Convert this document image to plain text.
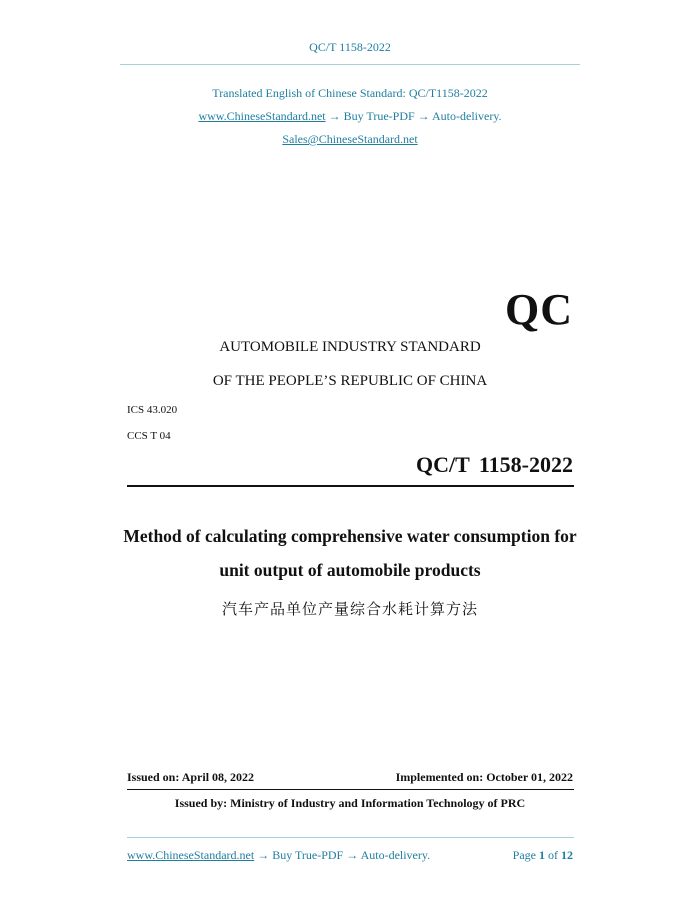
QC/T 1158-2022
Translated English of Chinese Standard: QC/T1158-2022
www.ChineseStandard.net → Buy True-PDF → Auto-delivery.
Sales@ChineseStandard.net
QC
AUTOMOBILE INDUSTRY STANDARD
OF THE PEOPLE’S REPUBLIC OF CHINA
ICS 43.020
CCS T 04
QC/T 1158-2022
Method of calculating comprehensive water consumption for
unit output of automobile products
汽车产品单位产量综合水耗计算方法
Issued on: April 08, 2022	Implemented on: October 01, 2022
Issued by: Ministry of Industry and Information Technology of PRC
www.ChineseStandard.net → Buy True-PDF → Auto-delivery.	Page 1 of 12
